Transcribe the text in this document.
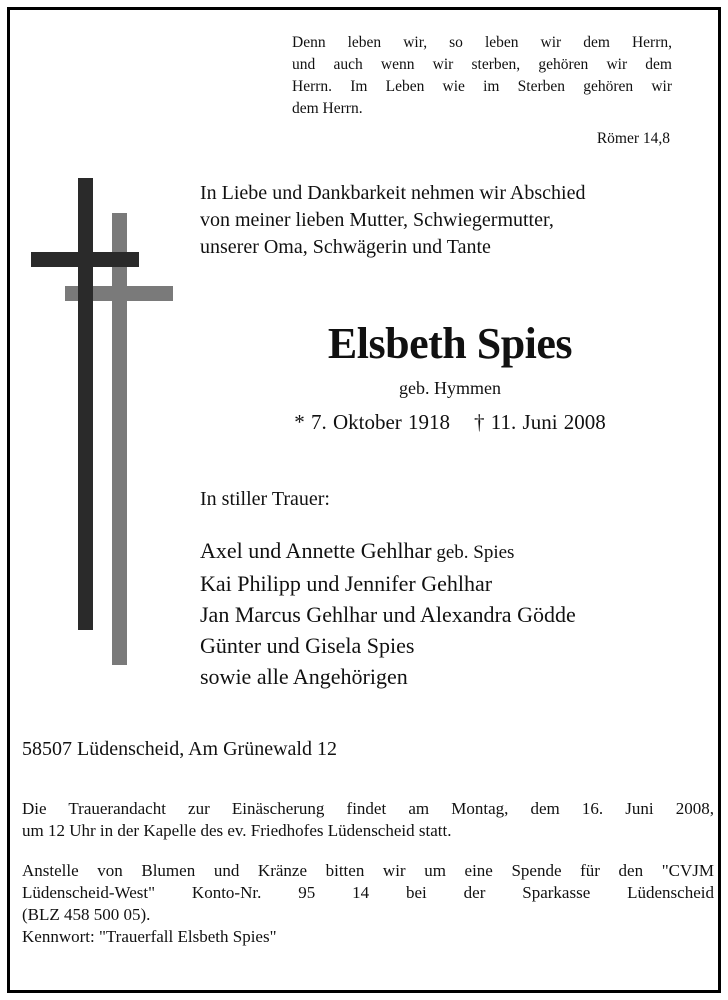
Denn leben wir, so leben wir dem Herrn,

und auch wenn wir sterben, gehören wir dem

Herrn. Im Leben wie im Sterben gehören wir

dem Herrn.

Römer 14,8
In Liebe und Dankbarkeit nehmen wir Abschied
von meiner lieben Mutter, Schwiegermutter,
unserer Oma, Schwägerin und Tante
Elsbeth Spies
geb. Hymmen
* 7. Oktober 1918 † 11. Juni 2008
In stiller Trauer:
Axel und Annette Gehlhar geb. Spies
Kai Philipp und Jennifer Gehlhar
Jan Marcus Gehlhar und Alexandra Gödde
Günter und Gisela Spies
sowie alle Angehörigen
58507 Lüdenscheid, Am Grünewald 12
Die Trauerandacht zur Einäscherung findet am Montag, dem 16. Juni 2008,
um 12 Uhr in der Kapelle des ev. Friedhofes Lüdenscheid statt.
Anstelle von Blumen und Kränze bitten wir um eine Spende für den "CVJM
Lüdenscheid-West" Konto-Nr. 95 14 bei der Sparkasse Lüdenscheid
(BLZ 458 500 05).
Kennwort: "Trauerfall Elsbeth Spies"
